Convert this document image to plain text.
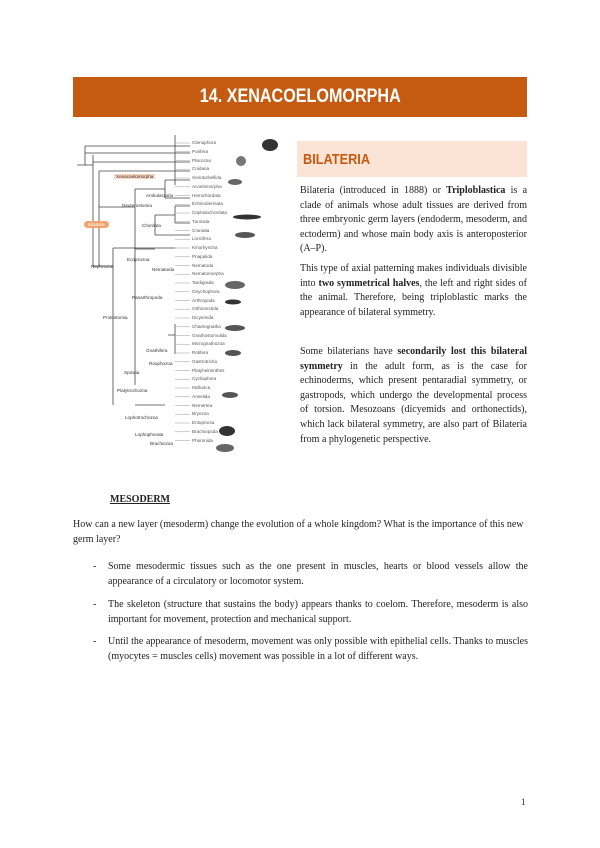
14. XENACOELOMORPHA
Ctenophora
Porifera
Placozoa
Cnidaria
Xenoturbellida
Acoelomorpha
Hemichordata
Echinodermata
Cephalochordata
Tunicata
Craniata
Loricifera
Kinorhyncha
Priapulida
Nematoda
Nematomorpha
Tardigrada
Onychophora
Arthropoda
Orthonectida
Dicyemida
Chaetognatha
Gnathostomulida
Micrognathozoa
Rotifera
Gastrotricha
Platyhelminthes
Cycliophora
Mollusca
Annelida
Nemertea
Bryozoa
Entoprocta
Brachiopoda
Phoronida
Xenacoelomorpha
Ambulacraria
Deuterostomia
Chordata
Bilateria
Ecdysozoa
Nematoida
Panarthropoda
Nephrozoa
Protostomia
Gnathifera
Rouphozoa
Spiralia
Platytrochozoa
Lophotrochozoa
Lophophorata
Brachiozoa
BILATERIA

Bilateria (introduced in 1888) or Triploblastica is a clade of animals whose adult tissues are derived from three embryonic germ layers (endoderm, mesoderm, and ectoderm) and whose main body axis is anteroposterior (A–P).

This type of axial patterning makes individuals divisible into two symmetrical halves, the left and right sides of the animal. Therefore, being triploblastic marks the appearance of bilateral symmetry.

Some bilaterians have secondarily lost this bilateral symmetry in the adult form, as is the case for echinoderms, which present pentaradial symmetry, or gastropods, which undergo the developmental process of torsion. Mesozoans (dicyemids and orthonectids), which lack bilateral symmetry, are also part of Bilateria from a phylogenetic perspective.

MESODERM
How can a new layer (mesoderm) change the evolution of a whole kingdom? What is the importance of this new germ layer?
- Some mesodermic tissues such as the one present in muscles, hearts or blood vessels allow the appearance of a circulatory or locomotor system.
- The skeleton (structure that sustains the body) appears thanks to coelom. Therefore, mesoderm is also important for movement, protection and mechanical support.
- Until the appearance of mesoderm, movement was only possible with epithelial cells. Thanks to muscles (myocytes = muscles cells) movement was possible in a lot of different ways.
1
